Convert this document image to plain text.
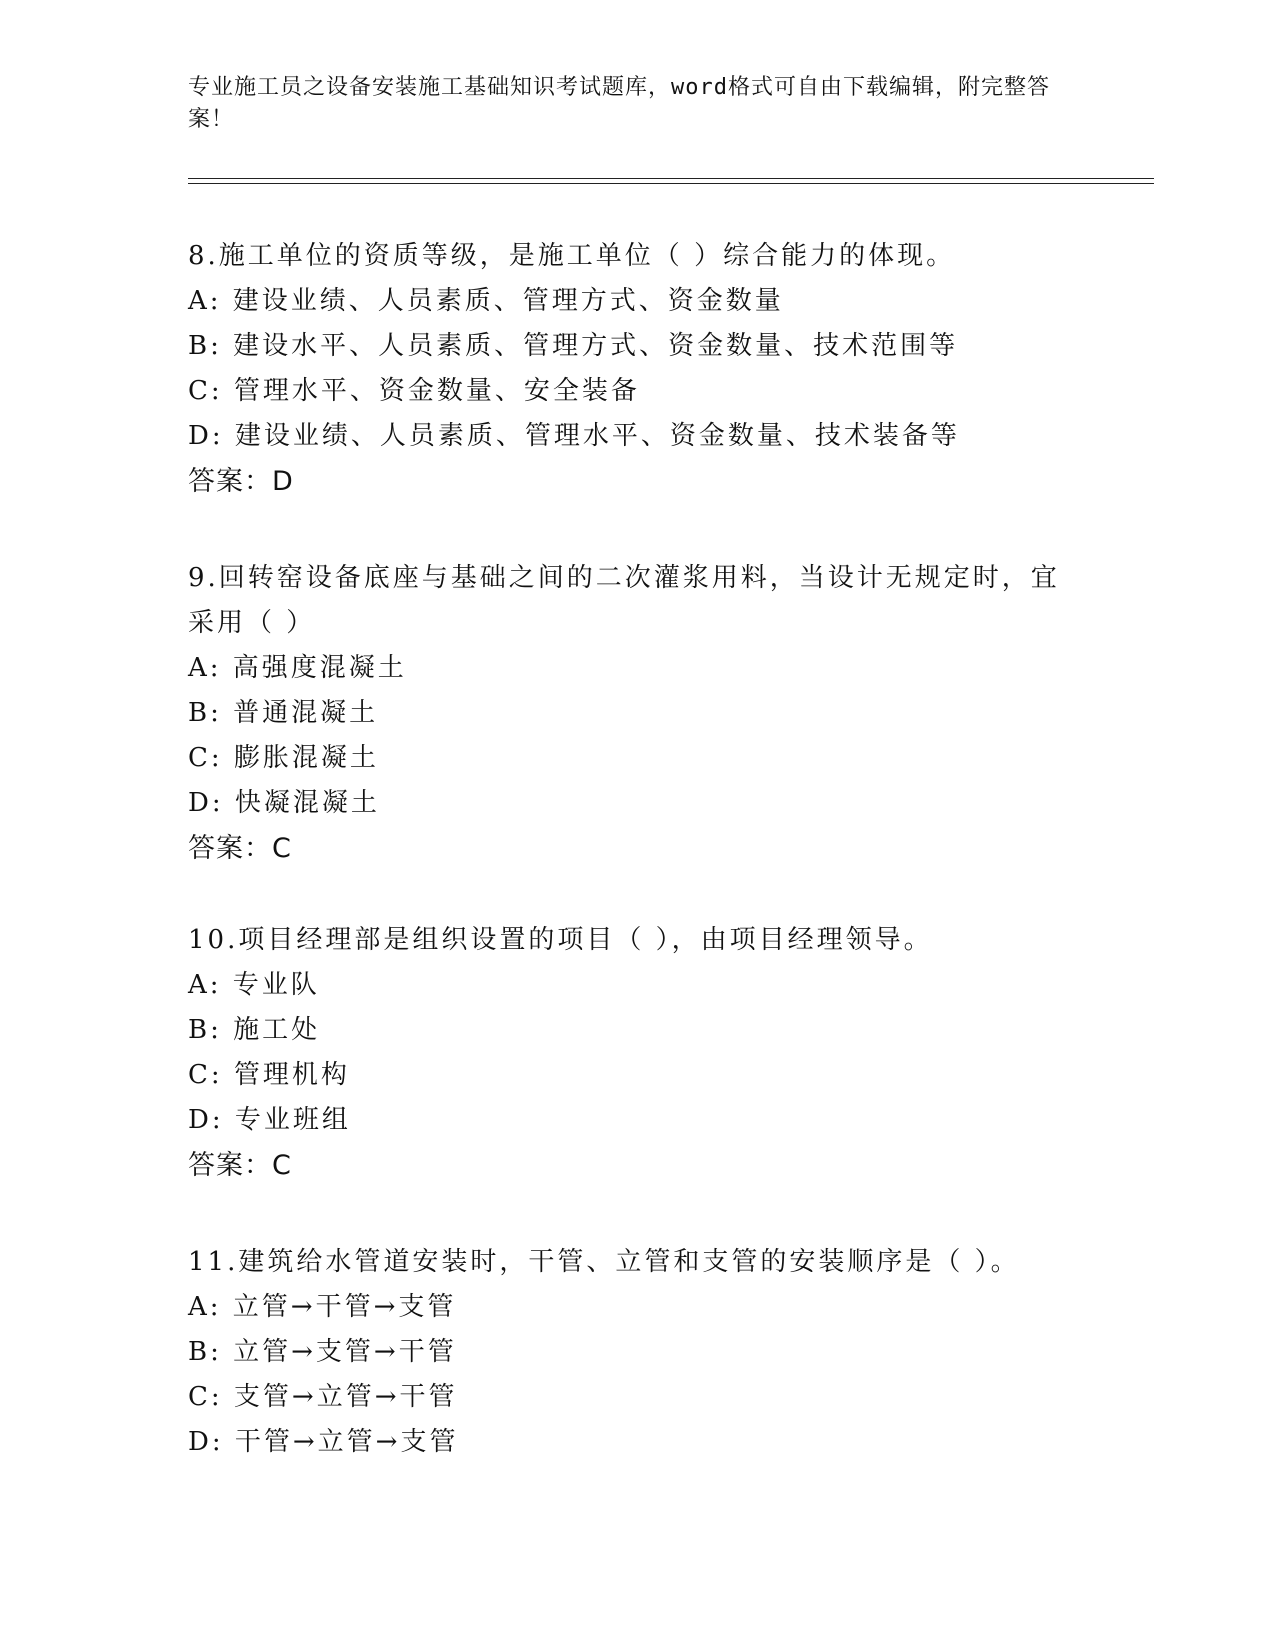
专业施工员之设备安装施工基础知识考试题库，word格式可自由下载编辑，附完整答案！
8.施工单位的资质等级，是施工单位（ ）综合能力的体现。
A: 建设业绩、人员素质、管理方式、资金数量
B: 建设水平、人员素质、管理方式、资金数量、技术范围等
C: 管理水平、资金数量、安全装备
D: 建设业绩、人员素质、管理水平、资金数量、技术装备等
答案：D
9.回转窑设备底座与基础之间的二次灌浆用料，当设计无规定时，宜采用（ ）
A: 高强度混凝土
B: 普通混凝土
C: 膨胀混凝土
D: 快凝混凝土
答案：C
10.项目经理部是组织设置的项目（ ），由项目经理领导。
A: 专业队
B: 施工处
C: 管理机构
D: 专业班组
答案：C
11.建筑给水管道安装时，干管、立管和支管的安装顺序是（ ）。
A: 立管→干管→支管
B: 立管→支管→干管
C: 支管→立管→干管
D: 干管→立管→支管
